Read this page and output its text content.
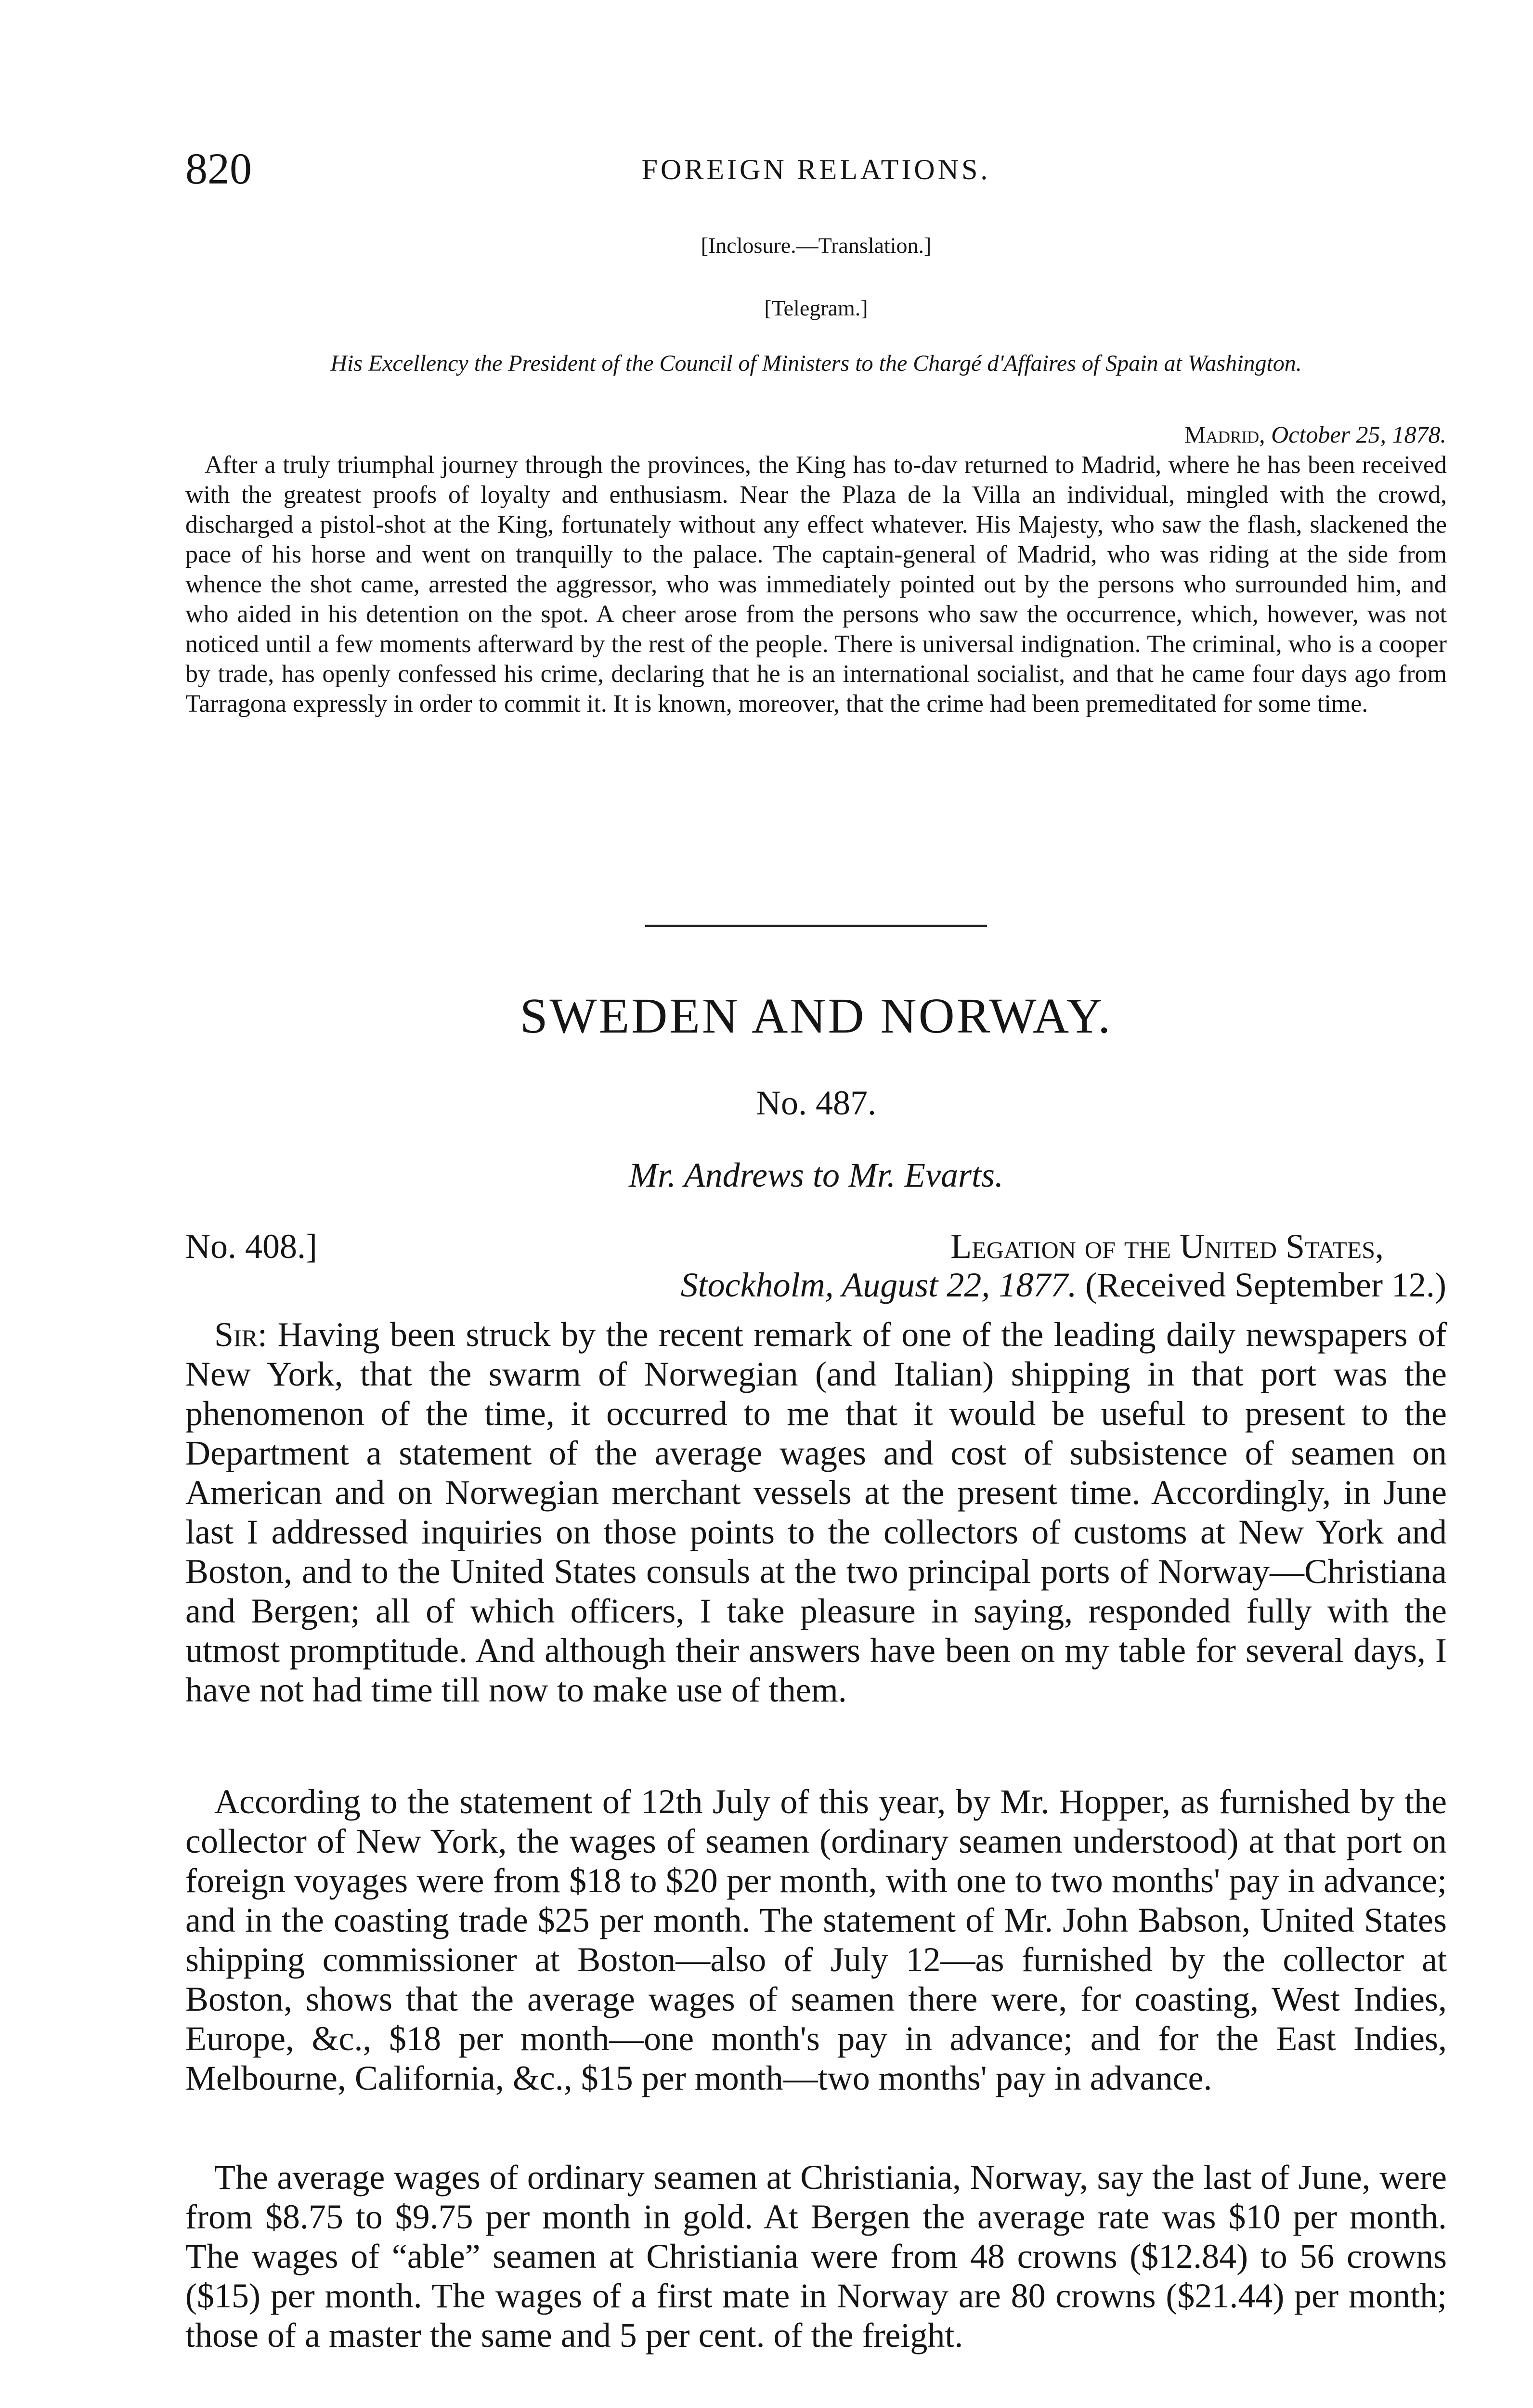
820	FOREIGN RELATIONS.
[Inclosure.—Translation.]
[Telegram.]
His Excellency the President of the Council of Ministers to the Chargé d'Affaires of Spain at Washington.
Madrid, October 25, 1878.

After a truly triumphal journey through the provinces, the King has to-dav returned to Madrid, where he has been received with the greatest proofs of loyalty and enthusiasm. Near the Plaza de la Villa an individual, mingled with the crowd, discharged a pistol-shot at the King, fortunately without any effect whatever. His Majesty, who saw the flash, slackened the pace of his horse and went on tranquilly to the palace. The captain-general of Madrid, who was riding at the side from whence the shot came, arrested the aggressor, who was immediately pointed out by the persons who surrounded him, and who aided in his detention on the spot. A cheer arose from the persons who saw the occurrence, which, however, was not noticed until a few moments afterward by the rest of the people. There is universal indignation. The criminal, who is a cooper by trade, has openly confessed his crime, declaring that he is an international socialist, and that he came four days ago from Tarragona expressly in order to commit it. It is known, moreover, that the crime had been premeditated for some time.

SWEDEN AND NORWAY.
No. 487.
Mr. Andrews to Mr. Evarts.
No. 408.]	Legation of the United States,
Stockholm, August 22, 1877. (Received September 12.)

Sir: Having been struck by the recent remark of one of the leading daily newspapers of New York, that the swarm of Norwegian (and Italian) shipping in that port was the phenomenon of the time, it occurred to me that it would be useful to present to the Department a statement of the average wages and cost of subsistence of seamen on American and on Norwegian merchant vessels at the present time. Accordingly, in June last I addressed inquiries on those points to the collectors of customs at New York and Boston, and to the United States consuls at the two principal ports of Norway—Christiana and Bergen; all of which officers, I take pleasure in saying, responded fully with the utmost promptitude. And although their answers have been on my table for several days, I have not had time till now to make use of them.

According to the statement of 12th July of this year, by Mr. Hopper, as furnished by the collector of New York, the wages of seamen (ordinary seamen understood) at that port on foreign voyages were from $18 to $20 per month, with one to two months' pay in advance; and in the coasting trade $25 per month. The statement of Mr. John Babson, United States shipping commissioner at Boston—also of July 12—as furnished by the collector at Boston, shows that the average wages of seamen there were, for coasting, West Indies, Europe, &c., $18 per month—one month's pay in advance; and for the East Indies, Melbourne, California, &c., $15 per month—two months' pay in advance.

The average wages of ordinary seamen at Christiania, Norway, say the last of June, were from $8.75 to $9.75 per month in gold. At Bergen the average rate was $10 per month. The wages of “able” seamen at Christiania were from 48 crowns ($12.84) to 56 crowns ($15) per month. The wages of a first mate in Norway are 80 crowns ($21.44) per month; those of a master the same and 5 per cent. of the freight.
